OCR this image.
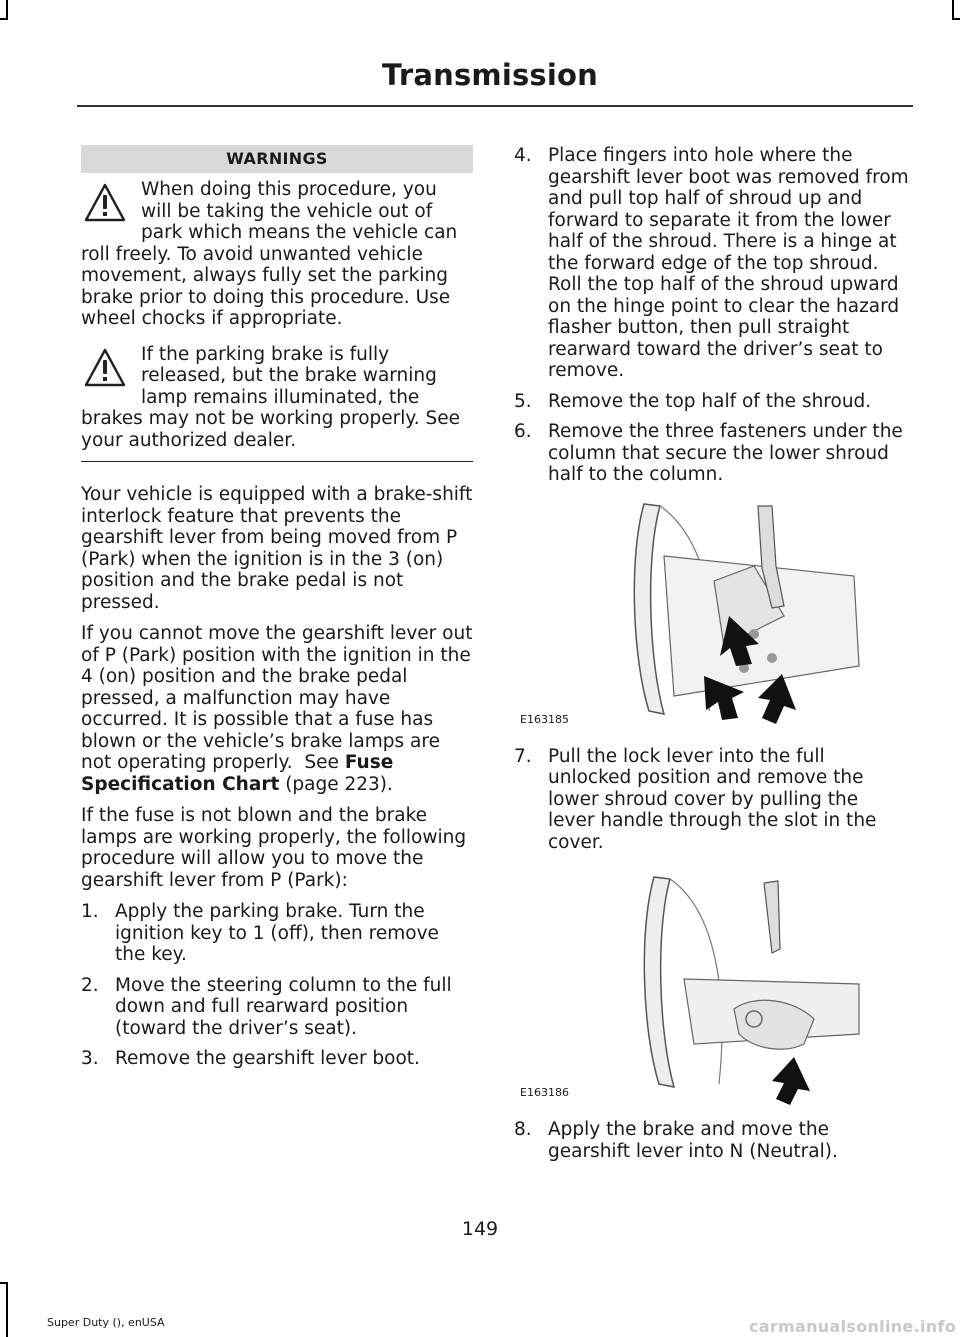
Transmission
WARNINGS

When doing this procedure, you will be taking the vehicle out of park which means the vehicle can roll freely. To avoid unwanted vehicle movement, always fully set the parking brake prior to doing this procedure. Use wheel chocks if appropriate.

If the parking brake is fully released, but the brake warning lamp remains illuminated, the brakes may not be working properly. See your authorized dealer.

Your vehicle is equipped with a brake-shift interlock feature that prevents the gearshift lever from being moved from P (Park) when the ignition is in the 3 (on) position and the brake pedal is not pressed.

If you cannot move the gearshift lever out of P (Park) position with the ignition in the 4 (on) position and the brake pedal pressed, a malfunction may have occurred. It is possible that a fuse has blown or the vehicle’s brake lamps are not operating properly. See Fuse Specification Chart (page 223).

If the fuse is not blown and the brake lamps are working properly, the following procedure will allow you to move the gearshift lever from P (Park):

1. Apply the parking brake. Turn the ignition key to 1 (off), then remove the key.
2. Move the steering column to the full down and full rearward position (toward the driver’s seat).
3. Remove the gearshift lever boot.
4. Place fingers into hole where the gearshift lever boot was removed from and pull top half of shroud up and forward to separate it from the lower half of the shroud. There is a hinge at the forward edge of the top shroud. Roll the top half of the shroud upward on the hinge point to clear the hazard flasher button, then pull straight rearward toward the driver’s seat to remove.
5. Remove the top half of the shroud.
6. Remove the three fasteners under the column that secure the lower shroud half to the column.
E163185
7. Pull the lock lever into the full unlocked position and remove the lower shroud cover by pulling the lever handle through the slot in the cover.
E163186
8. Apply the brake and move the gearshift lever into N (Neutral).
149
Super Duty (), enUSA	carmanualsonline.info
